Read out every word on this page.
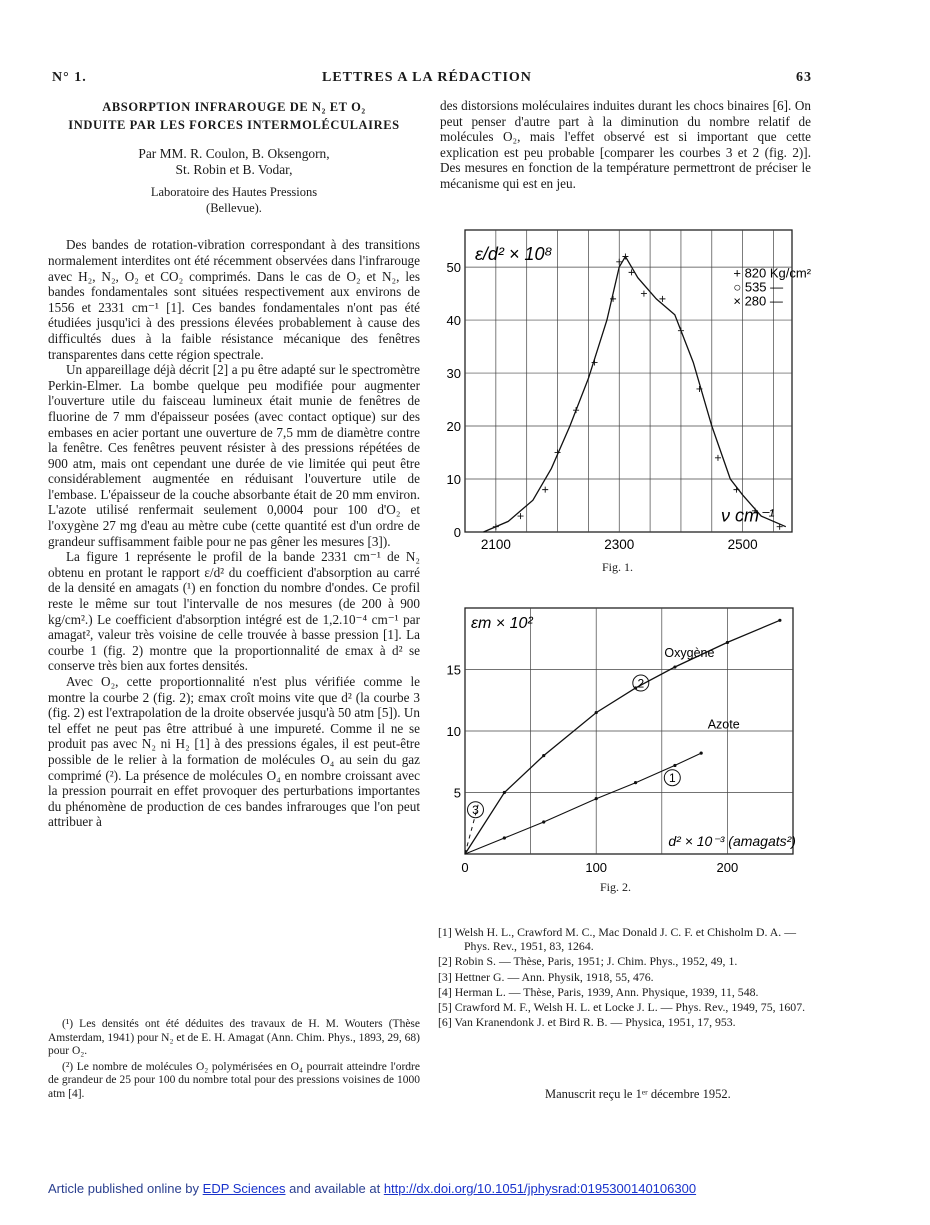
N° 1.	LETTRES A LA RÉDACTION	63
ABSORPTION INFRAROUGE DE N₂ ET O₂
INDUITE PAR LES FORCES INTERMOLÉCULAIRES
Par MM. R. Coulon, B. Oksengorn,
St. Robin et B. Vodar,
Laboratoire des Hautes Pressions
(Bellevue).

Des bandes de rotation-vibration correspondant à des transitions normalement interdites ont été récemment observées dans l'infrarouge avec H₂, N₂, O₂ et CO₂ comprimés. Dans le cas de O₂ et N₂, les bandes fondamentales sont situées respectivement aux environs de 1556 et 2331 cm⁻¹ [1]. Ces bandes fondamentales n'ont pas été étudiées jusqu'ici à des pressions élevées probablement à cause des difficultés dues à la faible résistance mécanique des fenêtres transparentes dans cette région spectrale.

Un appareillage déjà décrit [2] a pu être adapté sur le spectromètre Perkin-Elmer. La bombe quelque peu modifiée pour augmenter l'ouverture utile du faisceau lumineux était munie de fenêtres de fluorine de 7 mm d'épaisseur posées (avec contact optique) sur des embases en acier portant une ouverture de 7,5 mm de diamètre contre la fenêtre. Ces fenêtres peuvent résister à des pressions répétées de 900 atm, mais ont cependant une durée de vie limitée qui peut être considérablement augmentée en réduisant l'ouverture utile de l'embase. L'épaisseur de la couche absorbante était de 20 mm environ. L'azote utilisé renfermait seulement 0,0004 pour 100 d'O₂ et l'oxygène 27 mg d'eau au mètre cube (cette quantité est d'un ordre de grandeur suffisamment faible pour ne pas gêner les mesures [3]).

La figure 1 représente le profil de la bande 2331 cm⁻¹ de N₂ obtenu en protant le rapport ε/d² du coefficient d'absorption au carré de la densité en amagats (¹) en fonction du nombre d'ondes. Ce profil reste le même sur tout l'intervalle de nos mesures (de 200 à 900 kg/cm².) Le coefficient d'absorption intégré est de 1,2.10⁻⁴ cm⁻¹ par amagat², valeur très voisine de celle trouvée à basse pression [1]. La courbe 1 (fig. 2) montre que la proportionnalité de εmax à d² se conserve très bien aux fortes densités.

Avec O₂, cette proportionnalité n'est plus vérifiée comme le montre la courbe 2 (fig. 2); εmax croît moins vite que d² (la courbe 3 (fig. 2) est l'extrapolation de la droite observée jusqu'à 50 atm [5]). Un tel effet ne peut pas être attribué à une impureté. Comme il ne se produit pas avec N₂ ni H₂ [1] à des pressions égales, il est peut-être possible de le relier à la formation de molécules O₄ au sein du gaz comprimé (²). La présence de molécules O₄ en nombre croissant avec la pression pourrait en effet provoquer des perturbations importantes du phénomène de production de ces bandes infrarouges que l'on peut attribuer à

(¹) Les densités ont été déduites des travaux de H. M. Wouters (Thèse Amsterdam, 1941) pour N₂ et de E. H. Amagat (Ann. Chim. Phys., 1893, 29, 68) pour O₂.

(²) Le nombre de molécules O₂ polymérisées en O₄ pourrait atteindre l'ordre de grandeur de 25 pour 100 du nombre total pour des pressions voisines de 1000 atm [4].

des distorsions moléculaires induites durant les chocs binaires [6]. On peut penser d'autre part à la diminution du nombre relatif de molécules O₂, mais l'effet observé est si important que cette explication est peu probable [comparer les courbes 3 et 2 (fig. 2)]. Des mesures en fonction de la température permettront de préciser le mécanisme qui est en jeu.

0
10
20
30
40
50
2100	2300	2500
ε/d² × 10⁸
ν cm⁻¹
+ 820 Kg/cm²
○ 535 —
× 280 —
Fig. 1.
5
10
15
0	100	200
εm × 10²
d² × 10⁻³ (amagats²)
Oxygène
Azote
1
2
3
Fig. 2.
[1] Welsh H. L., Crawford M. C., Mac Donald J. C. F. et Chisholm D. A. — Phys. Rev., 1951, 83, 1264.
[2] Robin S. — Thèse, Paris, 1951; J. Chim. Phys., 1952, 49, 1.
[3] Hettner G. — Ann. Physik, 1918, 55, 476.
[4] Herman L. — Thèse, Paris, 1939, Ann. Physique, 1939, 11, 548.
[5] Crawford M. F., Welsh H. L. et Locke J. L. — Phys. Rev., 1949, 75, 1607.
[6] Van Kranendonk J. et Bird R. B. — Physica, 1951, 17, 953.
Manuscrit reçu le 1ᵉʳ décembre 1952.
Article published online by EDP Sciences and available at http://dx.doi.org/10.1051/jphysrad:0195300140106300
